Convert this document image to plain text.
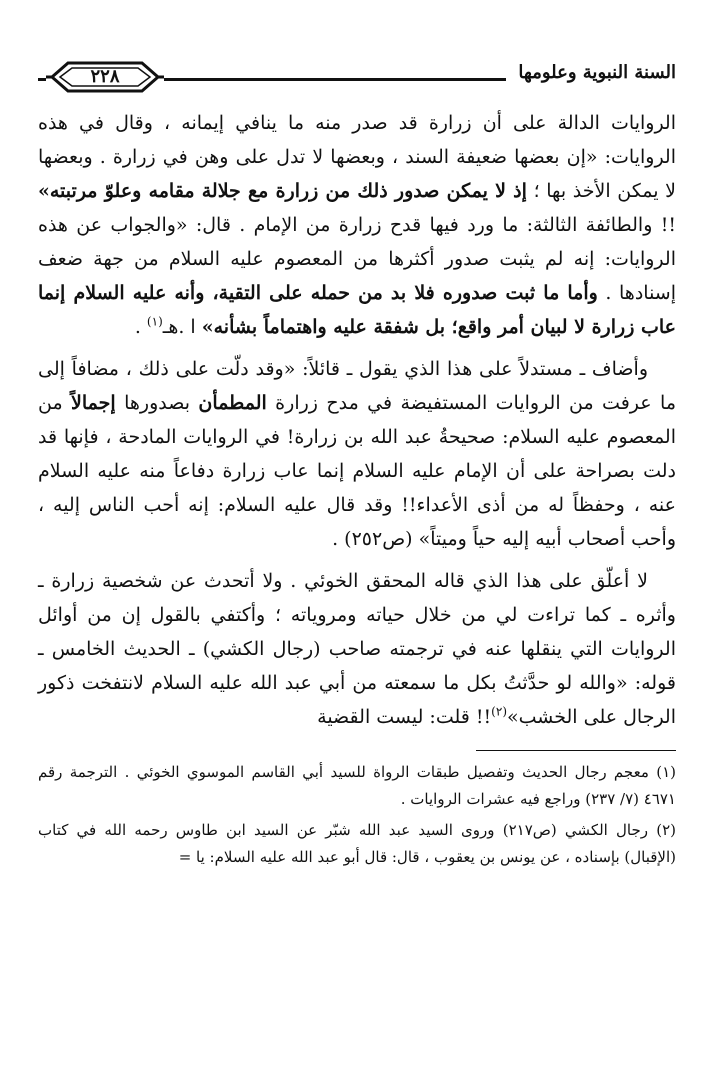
السنة النبوية وعلومها
٢٢٨

الروايات الدالة على أن زرارة قد صدر منه ما ينافي إيمانه ، وقال في هذه الروايات: «إن بعضها ضعيفة السند ، وبعضها لا تدل على وهن في زرارة . وبعضها لا يمكن الأخذ بها ؛ إذ لا يمكن صدور ذلك من زرارة مع جلالة مقامه وعلوّ مرتبته» !! والطائفة الثالثة: ما ورد فيها قدح زرارة من الإمام . قال: «والجواب عن هذه الروايات: إنه لم يثبت صدور أكثرها من المعصوم عليه السلام من جهة ضعف إسنادها . وأما ما ثبت صدوره فلا بد من حمله على التقية، وأنه عليه السلام إنما عاب زرارة لا لبيان أمر واقع؛ بل شفقة عليه واهتماماً بشأنه» ا .هـ$^{(١)}$ .

وأضاف ـ مستدلاً على هذا الذي يقول ـ قائلاً: «وقد دلّت على ذلك ، مضافاً إلى ما عرفت من الروايات المستفيضة في مدح زرارة المطمأن بصدورها إجمالاً من المعصوم عليه السلام: صحيحةُ عبد الله بن زرارة! في الروايات المادحة ، فإنها قد دلت بصراحة على أن الإمام عليه السلام إنما عاب زرارة دفاعاً منه عليه السلام عنه ، وحفظاً له من أذى الأعداء!! وقد قال عليه السلام: إنه أحب الناس إليه ، وأحب أصحاب أبيه إليه حياً وميتاً» (ص٢٥٢) .

لا أعلّق على هذا الذي قاله المحقق الخوئي . ولا أتحدث عن شخصية زرارة ـ وأثره ـ كما تراءت لي من خلال حياته ومروياته ؛ وأكتفي بالقول إن من أوائل الروايات التي ينقلها عنه في ترجمته صاحب (رجال الكشي) ـ الحديث الخامس ـ قوله: «والله لو حدَّثتُ بكل ما سمعته من أبي عبد الله عليه السلام لانتفخت ذكور الرجال على الخشب»$^{(٢)}$!! قلت: ليست القضية

(١) معجم رجال الحديث وتفصيل طبقات الرواة للسيد أبي القاسم الموسوي الخوئي . الترجمة رقم ٤٦٧١ (٧/ ٢٣٧) وراجع فيه عشرات الروايات .

(٢) رجال الكشي (ص٢١٧) وروى السيد عبد الله شبّر عن السيد ابن طاوس رحمه الله في كتاب (الإقبال) بإسناده ، عن يونس بن يعقوب ، قال: قال أبو عبد الله عليه السلام: يا =
